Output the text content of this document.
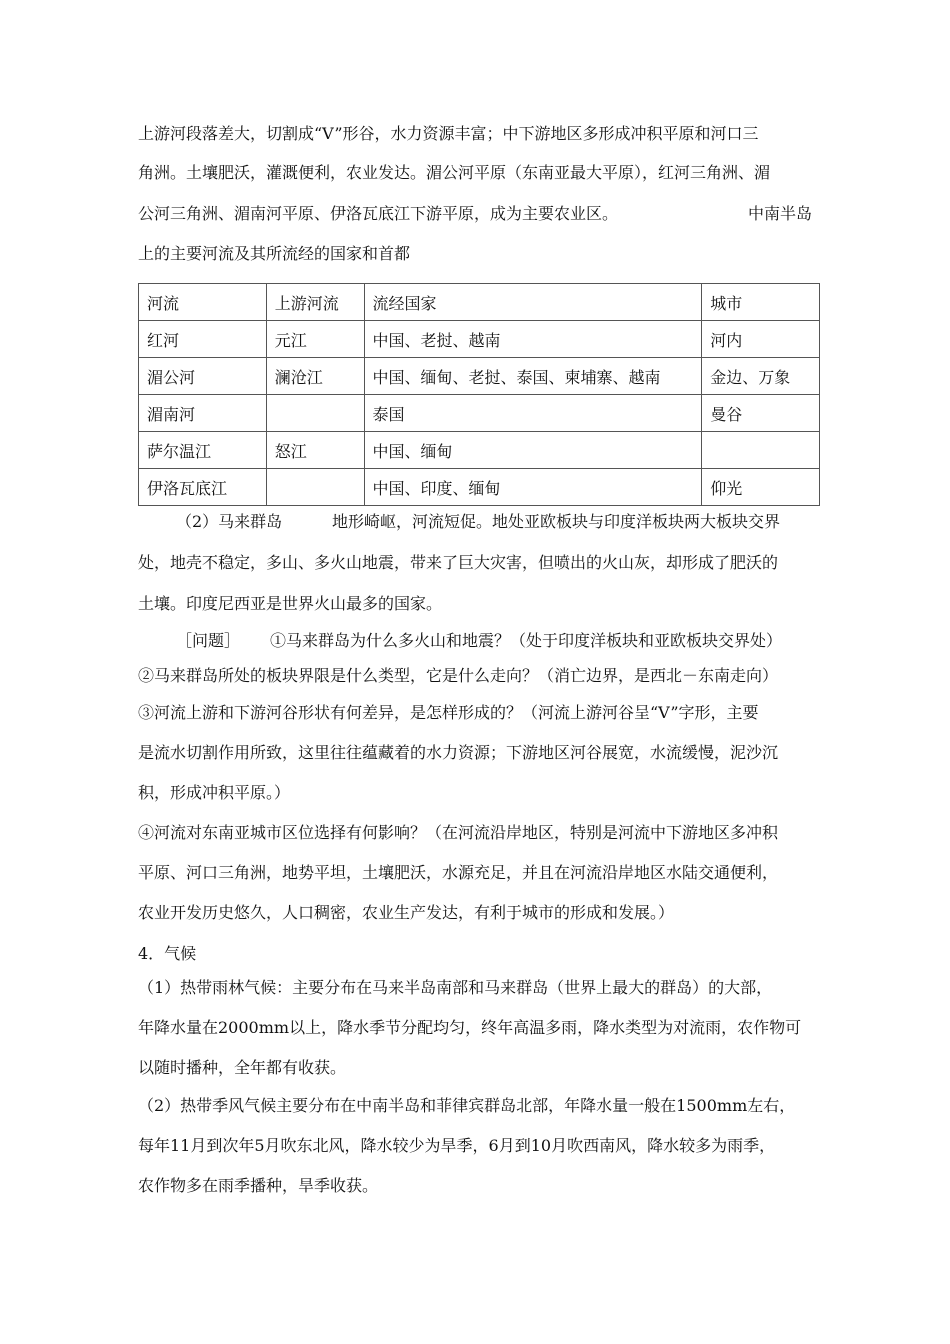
上游河段落差大，切割成“V”形谷，水力资源丰富；中下游地区多形成冲积平原和河口三
角洲。土壤肥沃，灌溉便利，农业发达。湄公河平原（东南亚最大平原），红河三角洲、湄
公河三角洲、湄南河平原、伊洛瓦底江下游平原，成为主要农业区。	中南半岛
上的主要河流及其所流经的国家和首都
河流	上游河流	流经国家	城市
红河	元江	中国、老挝、越南	河内
湄公河	澜沧江	中国、缅甸、老挝、泰国、柬埔寨、越南	金边、万象
湄南河		泰国	曼谷
萨尔温江	怒江	中国、缅甸	
伊洛瓦底江		中国、印度、缅甸	仰光
（2）马来群岛	地形崎岖，河流短促。地处亚欧板块与印度洋板块两大板块交界
处，地壳不稳定，多山、多火山地震，带来了巨大灾害，但喷出的火山灰，却形成了肥沃的
土壤。印度尼西亚是世界火山最多的国家。
［问题］ ①马来群岛为什么多火山和地震？（处于印度洋板块和亚欧板块交界处）
②马来群岛所处的板块界限是什么类型，它是什么走向？（消亡边界，是西北－东南走向）
③河流上游和下游河谷形状有何差异，是怎样形成的？（河流上游河谷呈“V”字形，主要
是流水切割作用所致，这里往往蕴藏着的水力资源；下游地区河谷展宽，水流缓慢，泥沙沉
积，形成冲积平原。）
④河流对东南亚城市区位选择有何影响？（在河流沿岸地区，特别是河流中下游地区多冲积
平原、河口三角洲，地势平坦，土壤肥沃，水源充足，并且在河流沿岸地区水陆交通便利，
农业开发历史悠久，人口稠密，农业生产发达，有利于城市的形成和发展。）
4．气候
（1）热带雨林气候：主要分布在马来半岛南部和马来群岛（世界上最大的群岛）的大部，
年降水量在2000mm以上，降水季节分配均匀，终年高温多雨，降水类型为对流雨，农作物可
以随时播种，全年都有收获。
（2）热带季风气候主要分布在中南半岛和菲律宾群岛北部，年降水量一般在1500mm左右，
每年11月到次年5月吹东北风，降水较少为旱季，6月到10月吹西南风，降水较多为雨季，
农作物多在雨季播种，旱季收获。
